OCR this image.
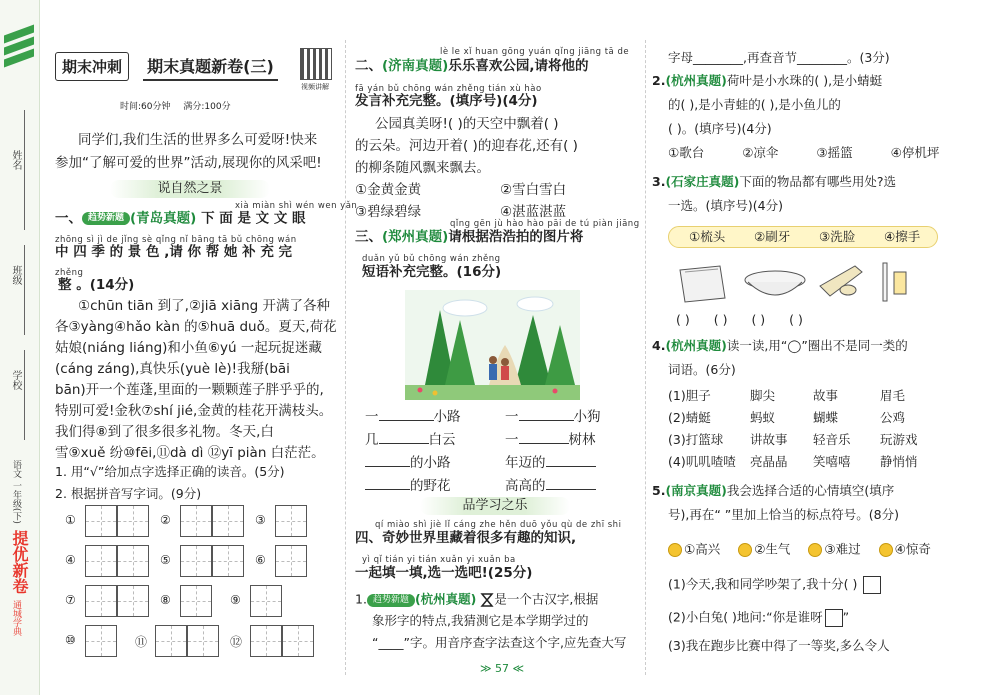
姓名
班级
学校
语文 一年级(下)
提优新卷
通城学典
期末冲刺 期末真题新卷(三)
视频讲解
时间:60分钟 满分:100分
同学们,我们生活的世界多么可爱呀!快来
参加“了解可爱的世界”活动,展现你的风采吧!
说自然之景
xià miàn shì wén wen yǎn
一、 趋势新题 (青岛真题) 下 面 是 文 文 眼
zhōng sì jì de jǐng sè qǐng nǐ bāng tā bǔ chōng wán
中 四 季 的 景 色 ,请 你 帮 她 补 充 完
zhěng
整 。(14分)
①chūn tiān 到了,②jiā xiāng 开满了各种
各③yàng④hǎo kàn 的⑤huā duǒ。夏天,荷花
姑娘(niáng liáng)和小鱼⑥yú 一起玩捉迷藏
(cáng záng),真快乐(yuè lè)!我掰(bāi
bān)开一个莲蓬,里面的一颗颗莲子胖乎乎的,
特别可爱!金秋⑦shí jié,金黄的桂花开满枝头。
我们得⑧到了很多很多礼物。冬天,白
雪⑨xuě 纷⑩fēi,⑪dà dì ⑫yī piàn 白茫茫。
1. 用“√”给加点字选择正确的读音。(5分)
2. 根据拼音写字词。(9分)
①	②	③
④	⑤	⑥
⑦	⑧	⑨
⑩	⑪	⑫
lè le xǐ huan gōng yuán qǐng jiāng tā de
二、(济南真题)乐乐喜欢公园,请将他的
fā yán bǔ chōng wán zhěng tián xù hào
发言补充完整。(填序号)(4分)
公园真美呀!( )的天空中飘着( )
的云朵。河边开着( )的迎春花,还有( )
的柳条随风飘来飘去。
①金黄金黄	②雪白雪白
③碧绿碧绿	④湛蓝湛蓝
qǐng gēn jù hào hào pāi de tú piàn jiāng
三、(郑州真题)请根据浩浩拍的图片将
duǎn yǔ bǔ chōng wán zhěng
短语补充完整。(16分)
一	小路	一	小狗
几	白云	一	树林
的小路	年迈的
的野花	高高的
品学习之乐
qí miào shì jiè lǐ cáng zhe hěn duō yǒu qù de zhī shi
四、奇妙世界里藏着很多有趣的知识,
yì qǐ tián yi tián xuǎn yi xuǎn ba
一起填一填,选一选吧!(25分)
1. 趋势新题 (杭州真题) 是一个古汉字,根据
象形字的特点,我猜测它是本学期学过的
“____”字。用音序查字法查这个字,应先查大写
≫ 57 ≪
字母________,再查音节________。(3分)
2.(杭州真题)荷叶是小水珠的( ),是小蜻蜓
的( ),是小青蛙的( ),是小鱼儿的
( )。(填序号)(4分)
①歌台	②凉伞	③摇篮	④停机坪
3.(石家庄真题)下面的物品都有哪些用处?选
一选。(填序号)(4分)
①梳头 ②刷牙 ③洗脸 ④擦手
( ) ( ) ( ) ( )
4.(杭州真题)读一读,用“◯”圈出不是同一类的
词语。(6分)
(1)胆子	脚尖	故事	眉毛
(2)蜻蜓	蚂蚁	蝴蝶	公鸡
(3)打篮球 讲故事 轻音乐 玩游戏
(4)叽叽喳喳 亮晶晶 笑嘻嘻 静悄悄
5.(南京真题)我会选择合适的心情填空(填序
号),再在“ ”里加上恰当的标点符号。(8分)
①高兴	②生气	③难过	④惊奇
(1)今天,我和同学吵架了,我十分( )
(2)小白兔( )地问:“你是谁呀 ”
(3)我在跑步比赛中得了一等奖,多么令人
